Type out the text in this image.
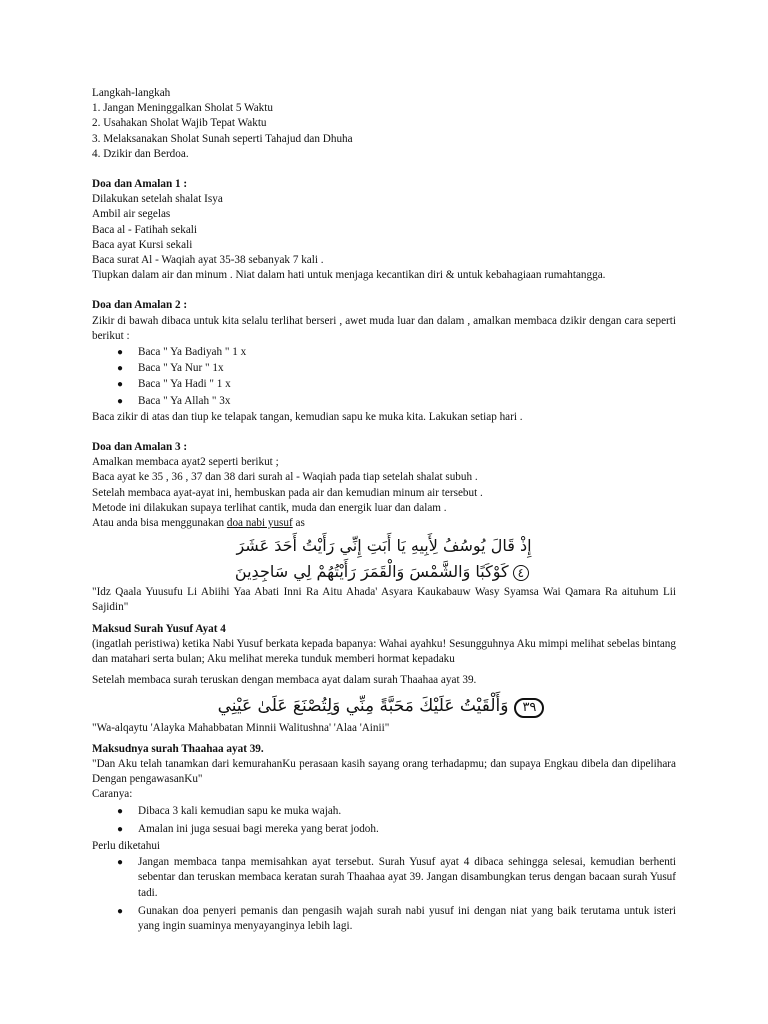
Langkah-langkah
1. Jangan Meninggalkan Sholat 5 Waktu
2. Usahakan Sholat Wajib Tepat Waktu
3. Melaksanakan Sholat Sunah seperti Tahajud dan Dhuha
4. Dzikir dan Berdoa.
Doa dan Amalan 1 :
Dilakukan setelah shalat Isya
Ambil air segelas
Baca al - Fatihah sekali
Baca ayat Kursi sekali
Baca surat Al - Waqiah ayat 35-38 sebanyak 7 kali .
Tiupkan dalam air dan minum . Niat dalam hati untuk menjaga kecantikan diri & untuk kebahagiaan rumahtangga.
Doa dan Amalan 2 :
Zikir di bawah dibaca untuk kita selalu terlihat berseri , awet muda luar dan dalam , amalkan membaca dzikir dengan cara seperti berikut :
● Baca " Ya Badiyah " 1 x
● Baca " Ya Nur " 1x
● Baca " Ya Hadi " 1 x
● Baca " Ya Allah " 3x
Baca zikir di atas dan tiup ke telapak tangan, kemudian sapu ke muka kita. Lakukan setiap hari .
Doa dan Amalan 3 :
Amalkan membaca ayat2 seperti berikut ;
Baca ayat ke 35 , 36 , 37 dan 38 dari surah al - Waqiah pada tiap setelah shalat subuh .
Setelah membaca ayat-ayat ini, hembuskan pada air dan kemudian minum air tersebut .
Metode ini dilakukan supaya terlihat cantik, muda dan energik luar dan dalam .
Atau anda bisa menggunakan doa nabi yusuf as
إِذْ قَالَ يُوسُفُ لِأَبِيهِ يَا أَبَتِ إِنِّي رَأَيْتُ أَحَدَ عَشَرَ
٤كَوْكَبًا وَالشَّمْسَ وَالْقَمَرَ رَأَيْتُهُمْ لِي سَاجِدِينَ
"Idz Qaala Yuusufu Li Abiihi Yaa Abati Inni Ra Aitu Ahada' Asyara Kaukabauw Wasy Syamsa Wai Qamara Ra aituhum Lii Sajidin"
Maksud Surah Yusuf Ayat 4
(ingatlah peristiwa) ketika Nabi Yusuf berkata kepada bapanya: Wahai ayahku! Sesungguhnya Aku mimpi melihat sebelas bintang dan matahari serta bulan; Aku melihat mereka tunduk memberi hormat kepadaku
Setelah membaca surah teruskan dengan membaca ayat dalam surah Thaahaa ayat 39.
٣٩وَأَلْقَيْتُ عَلَيْكَ مَحَبَّةً مِنِّي وَلِتُصْنَعَ عَلَىٰ عَيْنِي
"Wa-alqaytu 'Alayka Mahabbatan Minnii Walitushna' 'Alaa 'Ainii"
Maksudnya surah Thaahaa ayat 39.
"Dan Aku telah tanamkan dari kemurahanKu perasaan kasih sayang orang terhadapmu; dan supaya Engkau dibela dan dipelihara Dengan pengawasanKu"
Caranya:
● Dibaca 3 kali kemudian sapu ke muka wajah.
● Amalan ini juga sesuai bagi mereka yang berat jodoh.
Perlu diketahui
● Jangan membaca tanpa memisahkan ayat tersebut. Surah Yusuf ayat 4 dibaca sehingga selesai, kemudian berhenti sebentar dan teruskan membaca keratan surah Thaahaa ayat 39. Jangan disambungkan terus dengan bacaan surah Yusuf tadi.
● Gunakan doa penyeri pemanis dan pengasih wajah surah nabi yusuf ini dengan niat yang baik terutama untuk isteri yang ingin suaminya menyayanginya lebih lagi.
